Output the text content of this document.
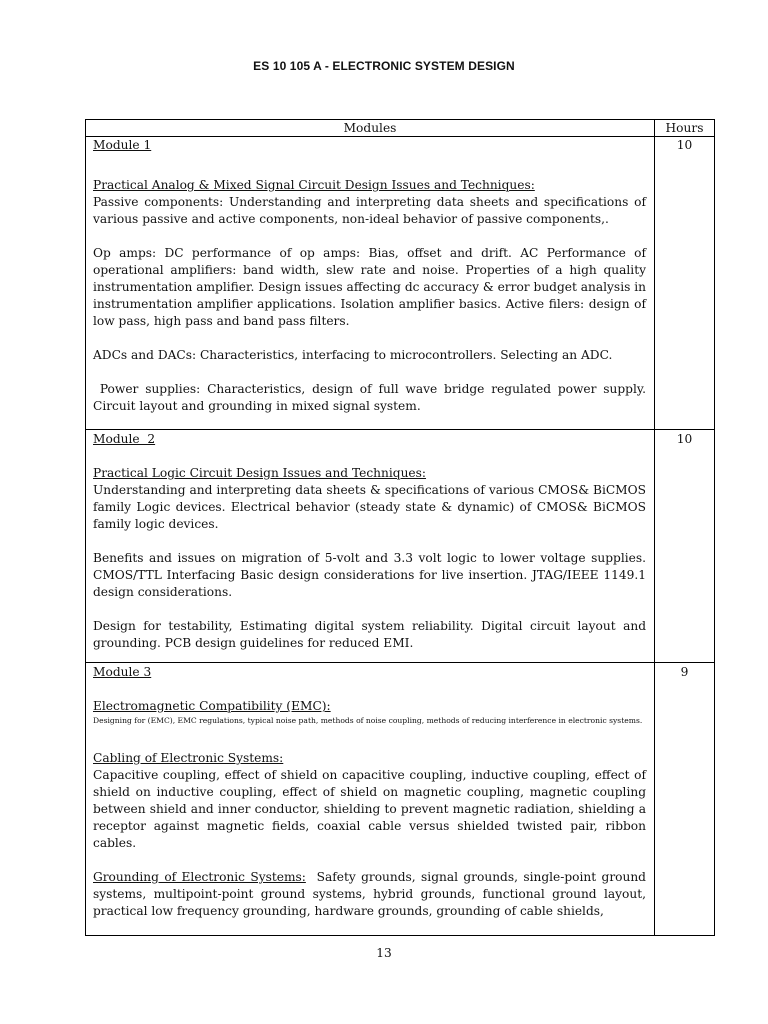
ES 10 105 A - ELECTRONIC SYSTEM DESIGN
Modules	Hours

Module 1

Practical Analog & Mixed Signal Circuit Design Issues and Techniques:

Passive components: Understanding and interpreting data sheets and specifications of various passive and active components, non-ideal behavior of passive components,.

Op amps: DC performance of op amps: Bias, offset and drift. AC Performance of operational amplifiers: band width, slew rate and noise. Properties of a high quality instrumentation amplifier. Design issues affecting dc accuracy & error budget analysis in instrumentation amplifier applications. Isolation amplifier basics. Active filers: design of low pass, high pass and band pass filters.

ADCs and DACs: Characteristics, interfacing to microcontrollers. Selecting an ADC.

Power supplies: Characteristics, design of full wave bridge regulated power supply. Circuit layout and grounding in mixed signal system.

10

Module  2

Practical Logic Circuit Design Issues and Techniques:

Understanding and interpreting data sheets & specifications of various CMOS& BiCMOS family Logic devices. Electrical behavior (steady state & dynamic) of CMOS& BiCMOS family logic devices.

Benefits and issues on migration of 5-volt and 3.3 volt logic to lower voltage supplies. CMOS/TTL Interfacing Basic design considerations for live insertion. JTAG/IEEE 1149.1 design considerations.

Design for testability, Estimating digital system reliability. Digital circuit layout and grounding. PCB design guidelines for reduced EMI.

10

Module 3

Electromagnetic Compatibility (EMC):

Designing for (EMC), EMC regulations, typical noise path, methods of noise coupling, methods of reducing interference in electronic systems.

Cabling of Electronic Systems:

Capacitive coupling, effect of shield on capacitive coupling, inductive coupling, effect of shield on inductive coupling, effect of shield on magnetic coupling, magnetic coupling between shield and inner conductor, shielding to prevent magnetic radiation, shielding a receptor against magnetic fields, coaxial cable versus shielded twisted pair, ribbon cables.

Grounding of Electronic Systems:  Safety grounds, signal grounds, single-point ground systems, multipoint-point ground systems, hybrid grounds, functional ground layout, practical low frequency grounding, hardware grounds, grounding of cable shields,

9
13
